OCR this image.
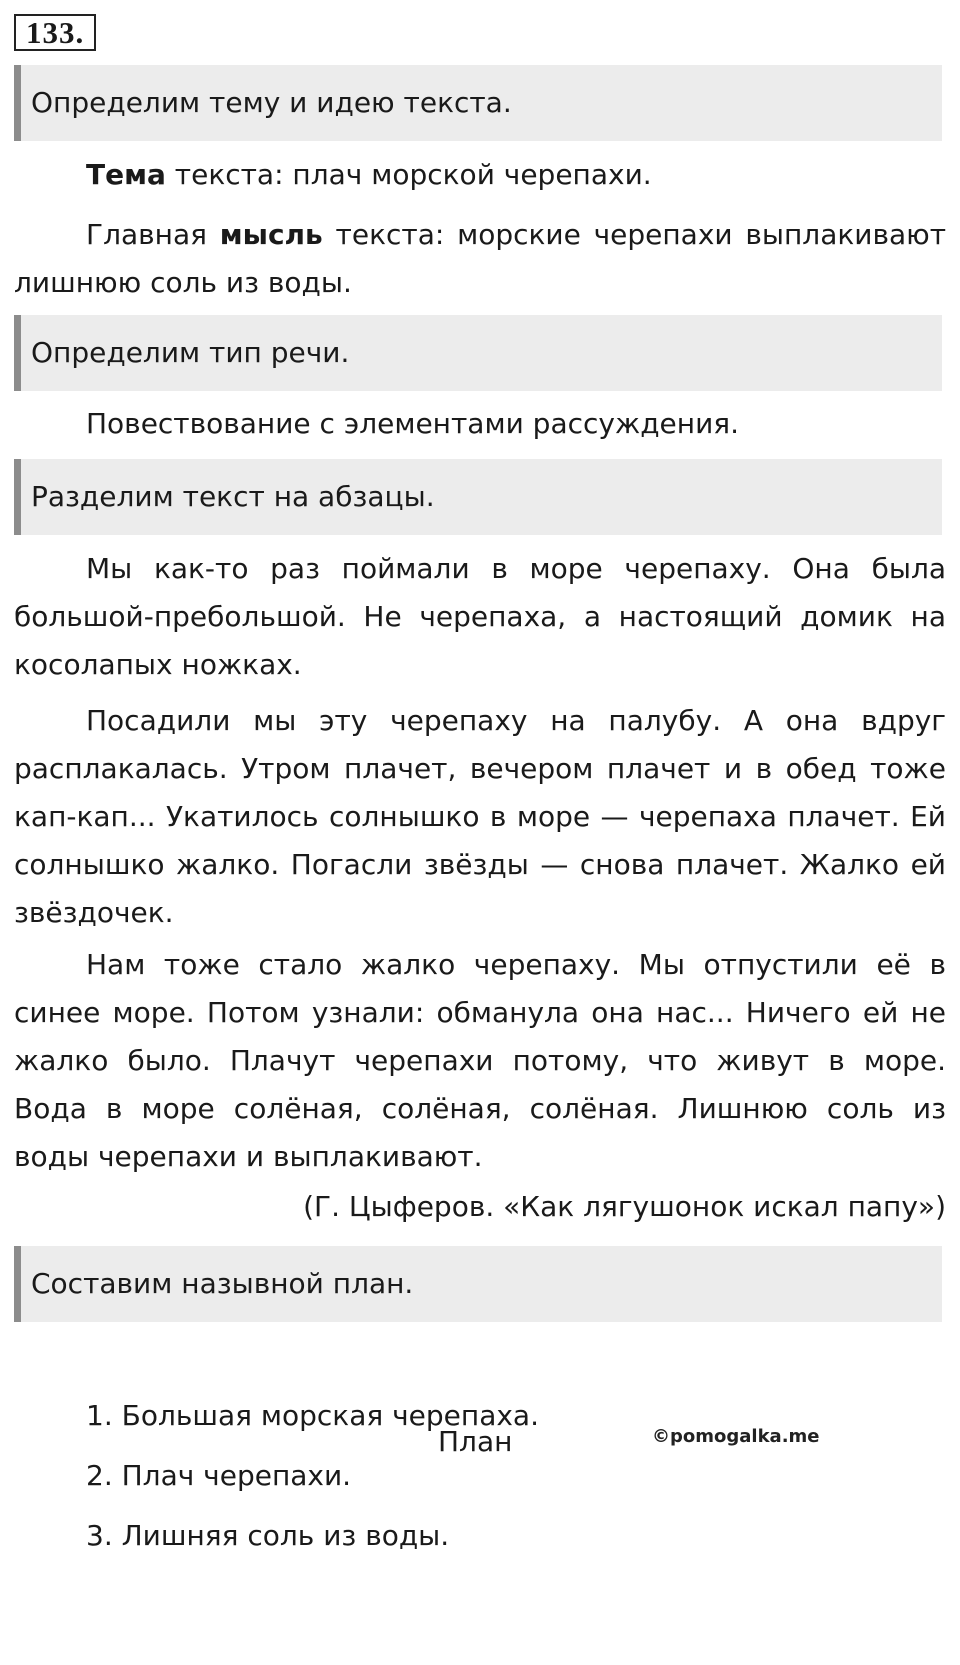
133.
Определим тему и идею текста.
Тема текста: плач морской черепахи.
Главная мысль текста: морские черепахи выплакивают лишнюю соль из воды.
Определим тип речи.
Повествование с элементами рассуждения.
Разделим текст на абзацы.
Мы как-то раз поймали в море черепаху. Она была большой-пребольшой. Не черепаха, а настоящий домик на косолапых ножках.
Посадили мы эту черепаху на палубу. А она вдруг расплакалась. Утром плачет, вечером плачет и в обед тоже кап-кап... Укатилось солнышко в море — черепаха плачет. Ей солнышко жалко. Погасли звёзды — снова плачет. Жалко ей звёздочек.
Нам тоже стало жалко черепаху. Мы отпустили её в синее море. Потом узнали: обманула она нас... Ничего ей не жалко было. Плачут черепахи потому, что живут в море. Вода в море солёная, солёная, солёная. Лишнюю соль из воды черепахи и выплакивают.
(Г. Цыферов. «Как лягушонок искал папу»)
Составим назывной план.
План	©pomogalka.me
1. Большая морская черепаха.
2. Плач черепахи.
3. Лишняя соль из воды.
